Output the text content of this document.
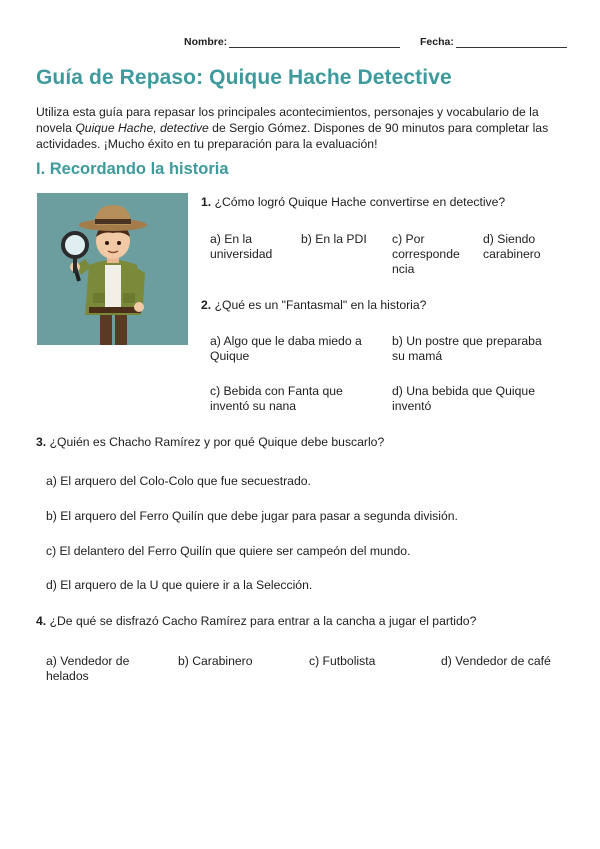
Nombre:	Fecha:
Guía de Repaso: Quique Hache Detective

Utiliza esta guía para repasar los principales acontecimientos, personajes y vocabulario de la novela Quique Hache, detective de Sergio Gómez. Dispones de 90 minutos para completar las actividades. ¡Mucho éxito en tu preparación para la evaluación!

I. Recordando la historia
1. ¿Cómo logró Quique Hache convertirse en detective?
a) En la universidad
b) En la PDI	c) Por corresponde ncia
d) Siendo carabinero
2. ¿Qué es un "Fantasmal" en la historia?
a) Algo que le daba miedo a Quique
b) Un postre que preparaba su mamá
c) Bebida con Fanta que inventó su nana
d) Una bebida que Quique inventó
3. ¿Quién es Chacho Ramírez y por qué Quique debe buscarlo?
a) El arquero del Colo-Colo que fue secuestrado.
b) El arquero del Ferro Quilín que debe jugar para pasar a segunda división.
c) El delantero del Ferro Quilín que quiere ser campeón del mundo.
d) El arquero de la U que quiere ir a la Selección.
4. ¿De qué se disfrazó Cacho Ramírez para entrar a la cancha a jugar el partido?
a) Vendedor de helados
b) Carabinero	c) Futbolista	d) Vendedor de café
